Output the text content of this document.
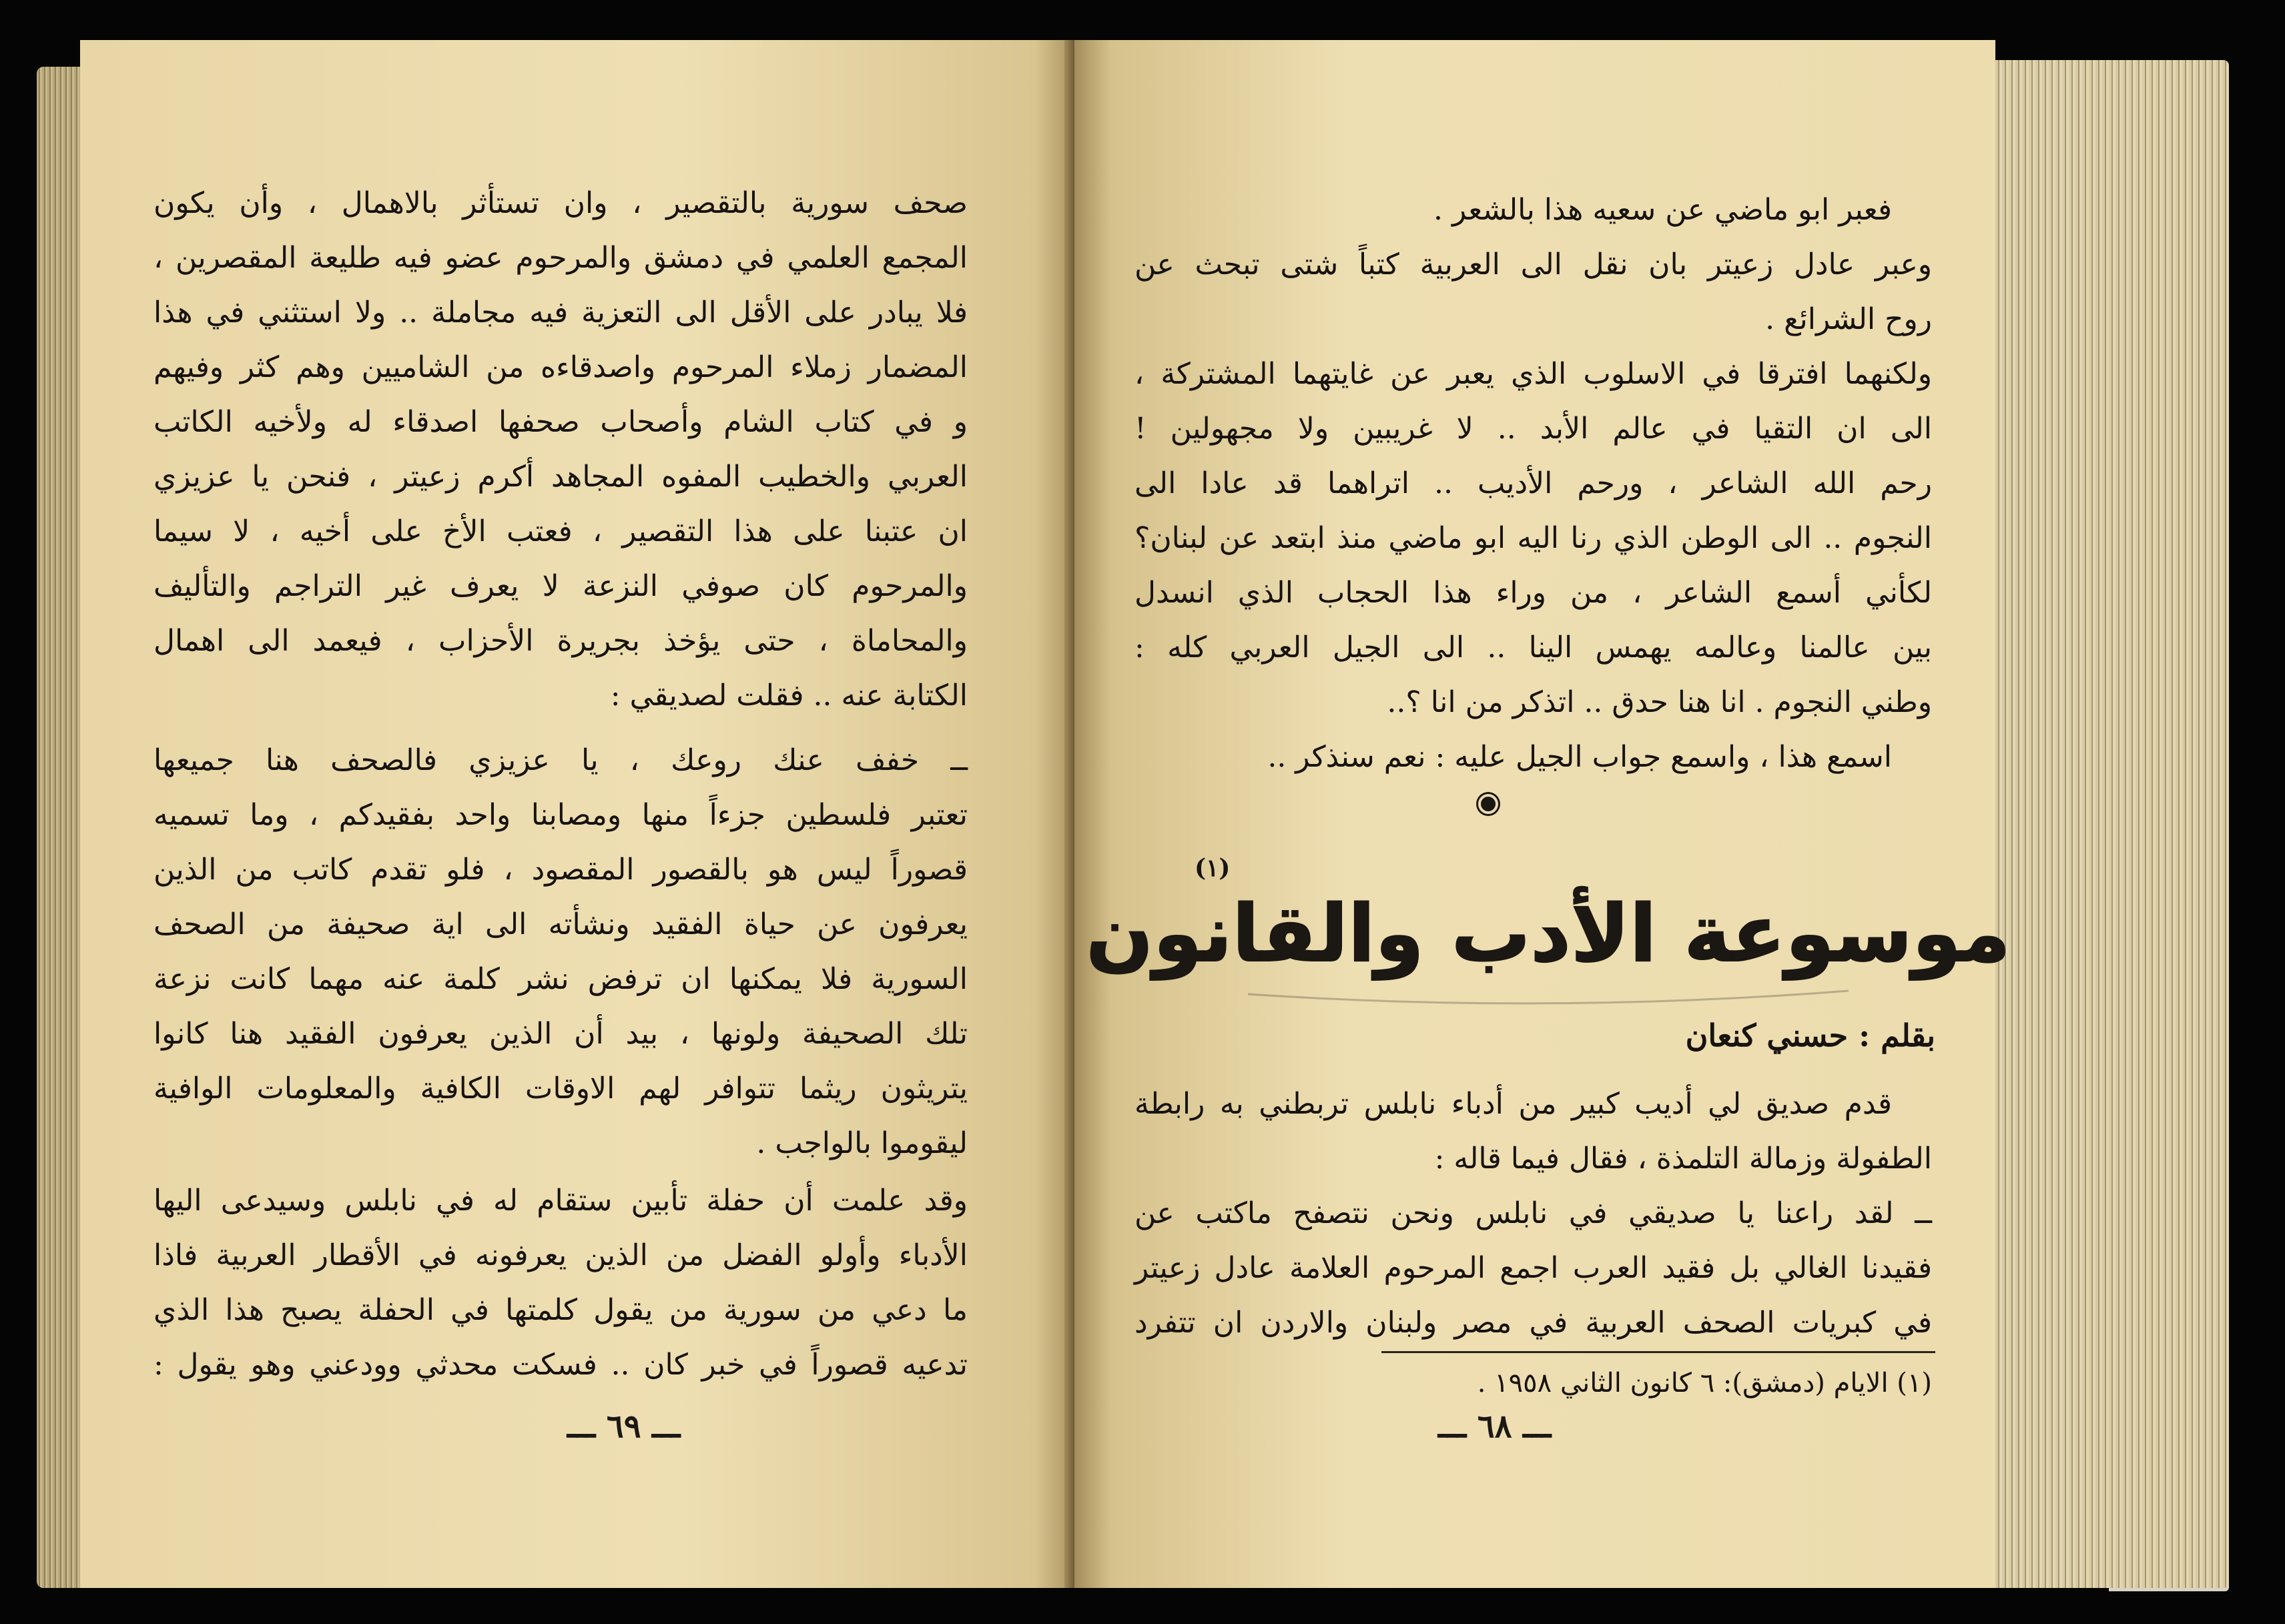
صحف سورية بالتقصير ، وان تستأثر بالاهمال ، وأن يكون
المجمع العلمي في دمشق والمرحوم عضو فيه طليعة المقصرين ،
فلا يبادر على الأقل الى التعزية فيه مجاملة .. ولا استثني في هذا
المضمار زملاء المرحوم واصدقاءه من الشاميين وهم كثر وفيهم
و في كتاب الشام وأصحاب صحفها اصدقاء له ولأخيه الكاتب
العربي والخطيب المفوه المجاهد أكرم زعيتر ، فنحن يا عزيزي
ان عتبنا على هذا التقصير ، فعتب الأخ على أخيه ، لا سيما
والمرحوم كان صوفي النزعة لا يعرف غير التراجم والتأليف
والمحاماة ، حتى يؤخذ بجريرة الأحزاب ، فيعمد الى اهمال
الكتابة عنه .. فقلت لصديقي :
ــ خفف عنك روعك ، يا عزيزي فالصحف هنا جميعها
تعتبر فلسطين جزءاً منها ومصابنا واحد بفقيدكم ، وما تسميه
قصوراً ليس هو بالقصور المقصود ، فلو تقدم كاتب من الذين
يعرفون عن حياة الفقيد ونشأته الى اية صحيفة من الصحف
السورية فلا يمكنها ان ترفض نشر كلمة عنه مهما كانت نزعة
تلك الصحيفة ولونها ، بيد أن الذين يعرفون الفقيد هنا كانوا
يتريثون ريثما تتوافر لهم الاوقات الكافية والمعلومات الوافية
ليقوموا بالواجب .
وقد علمت أن حفلة تأبين ستقام له في نابلس وسيدعى اليها
الأدباء وأولو الفضل من الذين يعرفونه في الأقطار العربية فاذا
ما دعي من سورية من يقول كلمتها في الحفلة يصبح هذا الذي
تدعيه قصوراً في خبر كان .. فسكت محدثي وودعني وهو يقول :
ـــ ٦٩ ـــ
فعبر ابو ماضي عن سعيه هذا بالشعر .
وعبر عادل زعيتر بان نقل الى العربية كتباً شتى تبحث عن
روح الشرائع .
ولكنهما افترقا في الاسلوب الذي يعبر عن غايتهما المشتركة ،
الى ان التقيا في عالم الأبد .. لا غريبين ولا مجهولين !
رحم الله الشاعر ، ورحم الأديب .. اتراهما قد عادا الى
النجوم .. الى الوطن الذي رنا اليه ابو ماضي منذ ابتعد عن لبنان؟
لكأني أسمع الشاعر ، من وراء هذا الحجاب الذي انسدل
بين عالمنا وعالمه يهمس الينا .. الى الجيل العربي كله :
وطني النجوم . انا هنا حدق .. اتذكر من انا ؟..
اسمع هذا ، واسمع جواب الجيل عليه : نعم سنذكر ..
موسوعة الأدب والقانون
(١)
بقلم : حسني كنعان
قدم صديق لي أديب كبير من أدباء نابلس تربطني به رابطة
الطفولة وزمالة التلمذة ، فقال فيما قاله :
ــ لقد راعنا يا صديقي في نابلس ونحن نتصفح ماكتب عن
فقيدنا الغالي بل فقيد العرب اجمع المرحوم العلامة عادل زعيتر
في كبريات الصحف العربية في مصر ولبنان والاردن ان تتفرد
(١) الايام (دمشق): ٦ كانون الثاني ١٩٥٨ .
ـــ ٦٨ ـــ
